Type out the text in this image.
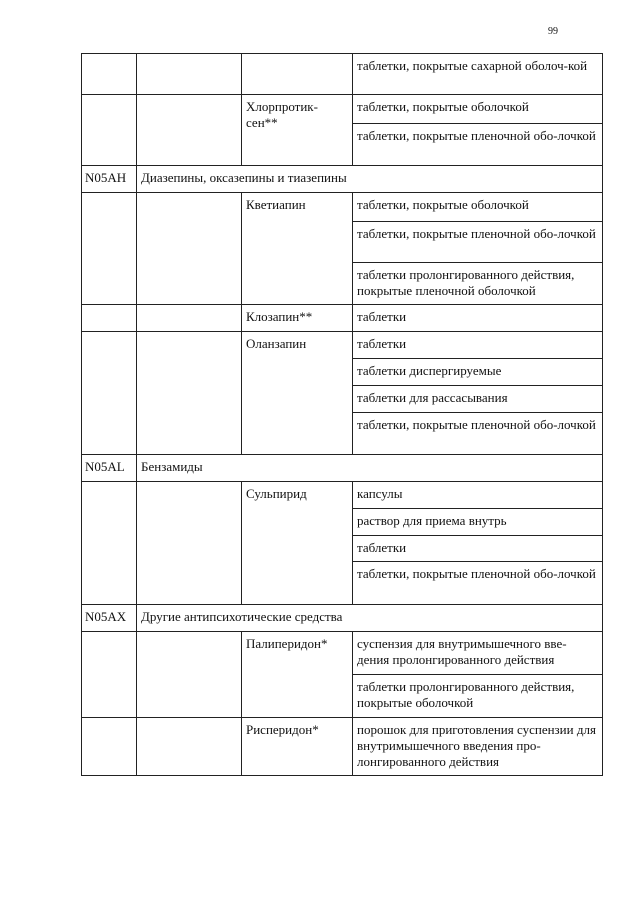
99
			таблетки, покрытые сахарной оболоч-кой
		Хлорпротик-сен**	таблетки, покрытые оболочкой
			таблетки, покрытые пленочной обо-лочкой
N05AH	Диазепины, оксазепины и тиазепины		
		Кветиапин	таблетки, покрытые оболочкой
			таблетки, покрытые пленочной обо-лочкой
			таблетки пролонгированного действия, покрытые пленочной оболочкой
		Клозапин**	таблетки
		Оланзапин	таблетки
			таблетки диспергируемые
			таблетки для рассасывания
			таблетки, покрытые пленочной обо-лочкой
N05AL	Бензамиды		
		Сульпирид	капсулы
			раствор для приема внутрь
			таблетки
			таблетки, покрытые пленочной обо-лочкой
N05AX	Другие антипсихотические средства		
		Палиперидон*	суспензия для внутримышечного вве-дения пролонгированного действия
			таблетки пролонгированного действия, покрытые оболочкой
		Рисперидон*	порошок для приготовления суспензии для внутримышечного введения про-лонгированного действия
